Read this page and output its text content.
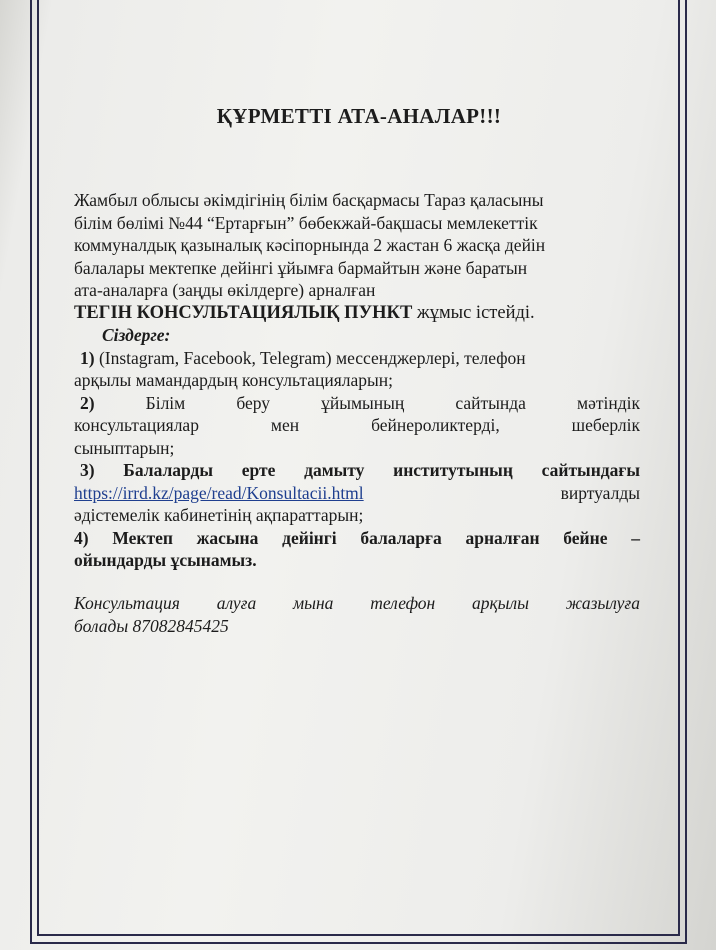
ҚҰРМЕТТІ АТА-АНАЛАР!!!
Жамбыл облысы әкімдігінің білім басқармасы Тараз қаласыны
білім бөлімі №44 “Ертарғын” бөбекжай-бақшасы мемлекеттік
коммуналдық қазыналық кәсіпорнында 2 жастан 6 жасқа дейін
балалары мектепке дейінгі ұйымға бармайтын және баратын
ата-аналарға (заңды өкілдерге) арналған
ТЕГІН КОНСУЛЬТАЦИЯЛЫҚ ПУНКТ жұмыс істейді.
Сіздерге:
1) (Instagram, Facebook, Telegram) мессенджерлері, телефон
арқылы мамандардың консультацияларын;
2) Білім беру ұйымының сайтында мәтіндік
консультациялар мен бейнероликтерді, шеберлік
сыныптарын;
3) Балаларды ерте дамыту институтының сайтындағы
https://irrd.kz/page/read/Konsultacii.html	виртуалды
әдістемелік кабинетінің ақпараттарын;
4) Мектеп жасына дейінгі балаларға арналған бейне –
ойындарды ұсынамыз.
Консультация алуға мына телефон арқылы жазылуға
болады 87082845425
